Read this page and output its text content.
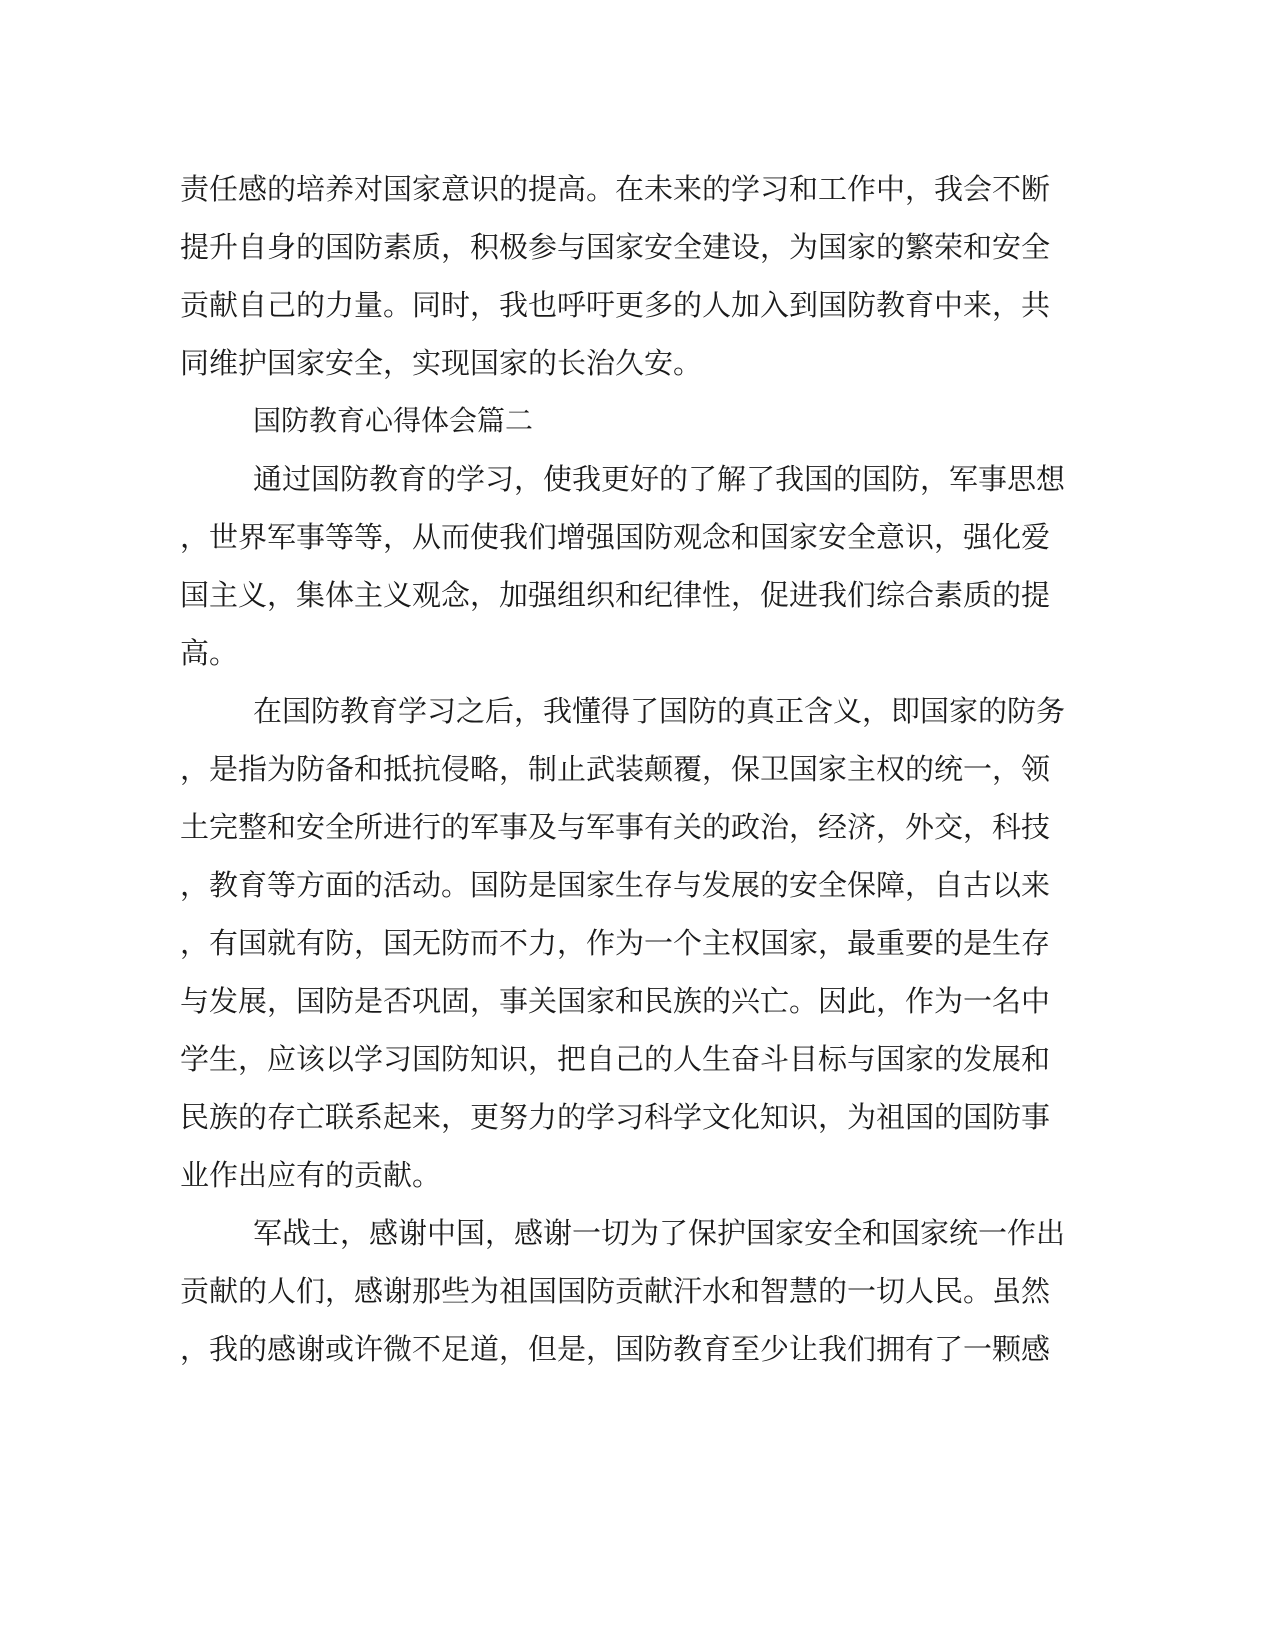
责任感的培养对国家意识的提高。在未来的学习和工作中，我会不断
提升自身的国防素质，积极参与国家安全建设，为国家的繁荣和安全
贡献自己的力量。同时，我也呼吁更多的人加入到国防教育中来，共
同维护国家安全，实现国家的长治久安。
国防教育心得体会篇二
通过国防教育的学习，使我更好的了解了我国的国防，军事思想
，世界军事等等，从而使我们增强国防观念和国家安全意识，强化爱
国主义，集体主义观念，加强组织和纪律性，促进我们综合素质的提
高。
在国防教育学习之后，我懂得了国防的真正含义，即国家的防务
，是指为防备和抵抗侵略，制止武装颠覆，保卫国家主权的统一，领
土完整和安全所进行的军事及与军事有关的政治，经济，外交，科技
，教育等方面的活动。国防是国家生存与发展的安全保障，自古以来
，有国就有防，国无防而不力，作为一个主权国家，最重要的是生存
与发展，国防是否巩固，事关国家和民族的兴亡。因此，作为一名中
学生，应该以学习国防知识，把自己的人生奋斗目标与国家的发展和
民族的存亡联系起来，更努力的学习科学文化知识，为祖国的国防事
业作出应有的贡献。
军战士，感谢中国，感谢一切为了保护国家安全和国家统一作出
贡献的人们，感谢那些为祖国国防贡献汗水和智慧的一切人民。虽然
，我的感谢或许微不足道，但是，国防教育至少让我们拥有了一颗感
